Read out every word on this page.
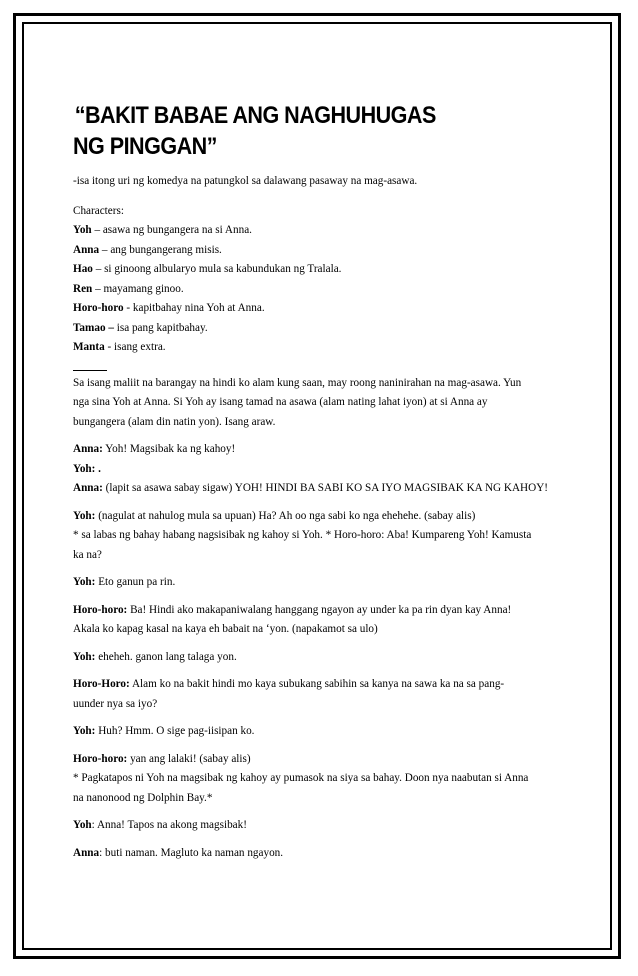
“BAKIT BABAE ANG NAGHUHUGAS
NG PINGGAN”

-isa itong uri ng komedya na patungkol sa dalawang pasaway na mag-asawa.

Characters:

Yoh – asawa ng bungangera na si Anna.

Anna – ang bungangerang misis.

Hao – si ginoong albularyo mula sa kabundukan ng Tralala.

Ren – mayamang ginoo.

Horo-horo - kapitbahay nina Yoh at Anna.

Tamao – isa pang kapitbahay.

Manta - isang extra.

Sa isang maliit na barangay na hindi ko alam kung saan, may roong naninirahan na mag-asawa. Yun

nga sina Yoh at Anna. Si Yoh ay isang tamad na asawa (alam nating lahat iyon) at si Anna ay

bungangera (alam din natin yon). Isang araw.

Anna: Yoh! Magsibak ka ng kahoy!

Yoh: .

Anna: (lapit sa asawa sabay sigaw) YOH! HINDI BA SABI KO SA IYO MAGSIBAK KA NG KAHOY!

Yoh: (nagulat at nahulog mula sa upuan) Ha? Ah oo nga sabi ko nga ehehehe. (sabay alis)

* sa labas ng bahay habang nagsisibak ng kahoy si Yoh. * Horo-horo: Aba! Kumpareng Yoh! Kamusta

ka na?

Yoh: Eto ganun pa rin.

Horo-horo: Ba! Hindi ako makapaniwalang hanggang ngayon ay under ka pa rin dyan kay Anna!

Akala ko kapag kasal na kaya eh babait na ‘yon. (napakamot sa ulo)

Yoh: eheheh. ganon lang talaga yon.

Horo-Horo: Alam ko na bakit hindi mo kaya subukang sabihin sa kanya na sawa ka na sa pang-

uunder nya sa iyo?

Yoh: Huh? Hmm. O sige pag-iisipan ko.

Horo-horo: yan ang lalaki! (sabay alis)

* Pagkatapos ni Yoh na magsibak ng kahoy ay pumasok na siya sa bahay. Doon nya naabutan si Anna

na nanonood ng Dolphin Bay.*

Yoh: Anna! Tapos na akong magsibak!

Anna: buti naman. Magluto ka naman ngayon.
